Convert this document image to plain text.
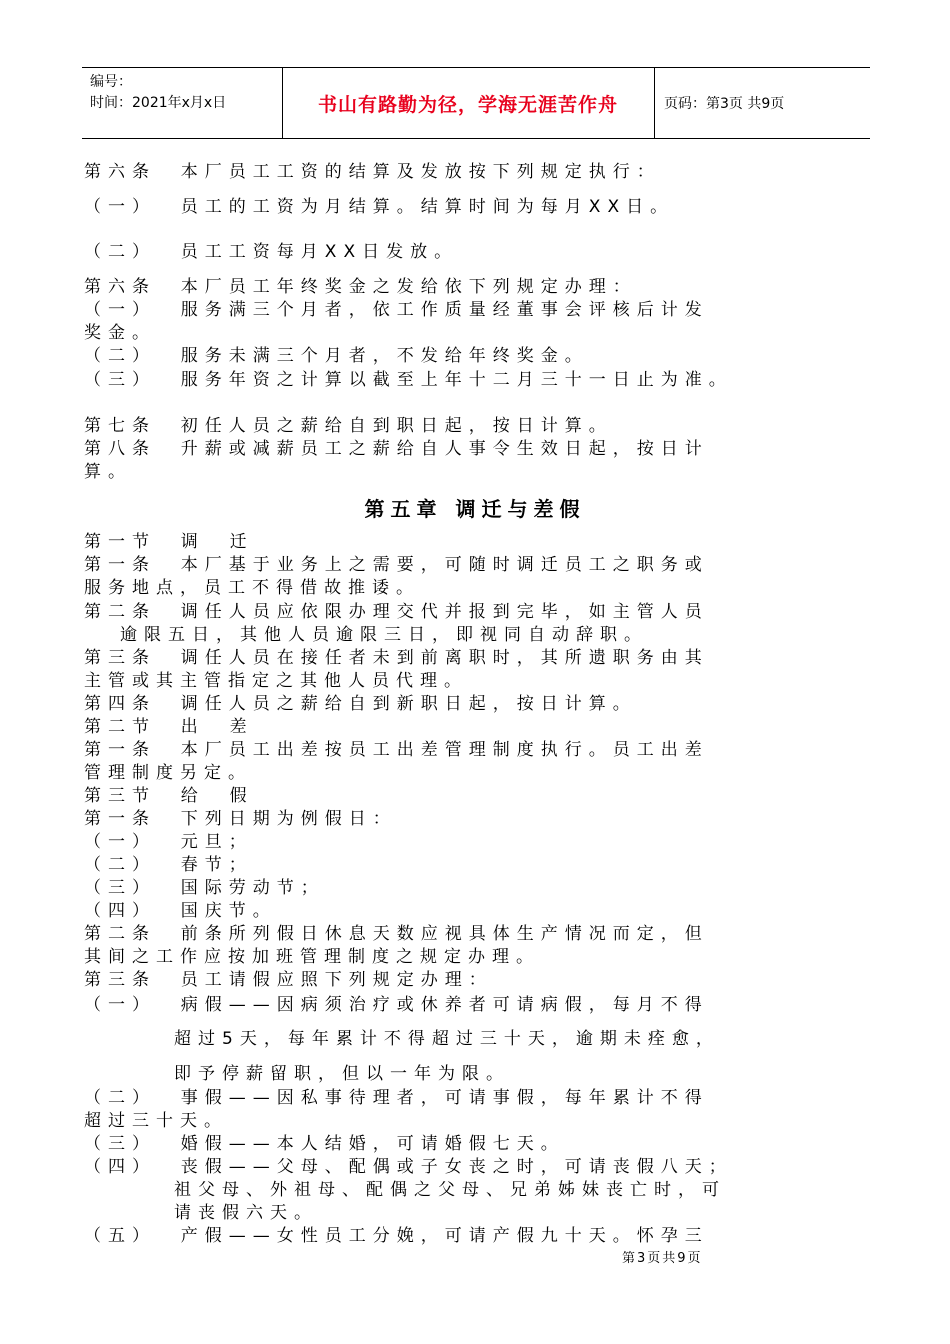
编号：
时间：2021年x月x日	书山有路勤为径，学海无涯苦作舟	页码：第3页 共9页
第六条  本厂员工工资的结算及发放按下列规定执行：
（一）  员工的工资为月结算。结算时间为每月XX日。
（二）  员工工资每月XX日发放。
第六条  本厂员工年终奖金之发给依下列规定办理：
（一）  服务满三个月者，依工作质量经董事会评核后计发
奖金。
（二）  服务未满三个月者，不发给年终奖金。
（三）  服务年资之计算以截至上年十二月三十一日止为准。
第七条  初任人员之薪给自到职日起，按日计算。
第八条  升薪或减薪员工之薪给自人事令生效日起，按日计
算。
第五章 调迁与差假
第一节  调  迁
第一条  本厂基于业务上之需要，可随时调迁员工之职务或
服务地点，员工不得借故推诿。
第二条  调任人员应依限办理交代并报到完毕，如主管人员
逾限五日，其他人员逾限三日，即视同自动辞职。
第三条  调任人员在接任者未到前离职时，其所遗职务由其
主管或其主管指定之其他人员代理。
第四条  调任人员之薪给自到新职日起，按日计算。
第二节  出  差
第一条  本厂员工出差按员工出差管理制度执行。员工出差
管理制度另定。
第三节  给  假
第一条  下列日期为例假日：
（一）  元旦；
（二）  春节；
（三）  国际劳动节；
（四）  国庆节。
第二条  前条所列假日休息天数应视具体生产情况而定，但
其间之工作应按加班管理制度之规定办理。
第三条  员工请假应照下列规定办理：
（一）  病假——因病须治疗或休养者可请病假，每月不得
超过5天，每年累计不得超过三十天，逾期未痊愈，
即予停薪留职，但以一年为限。
（二）  事假——因私事待理者，可请事假，每年累计不得
超过三十天。
（三）  婚假——本人结婚，可请婚假七天。
（四）  丧假——父母、配偶或子女丧之时，可请丧假八天；
祖父母、外祖母、配偶之父母、兄弟姊妹丧亡时，可
请丧假六天。
（五）  产假——女性员工分娩，可请产假九十天。怀孕三
第3页共9页
